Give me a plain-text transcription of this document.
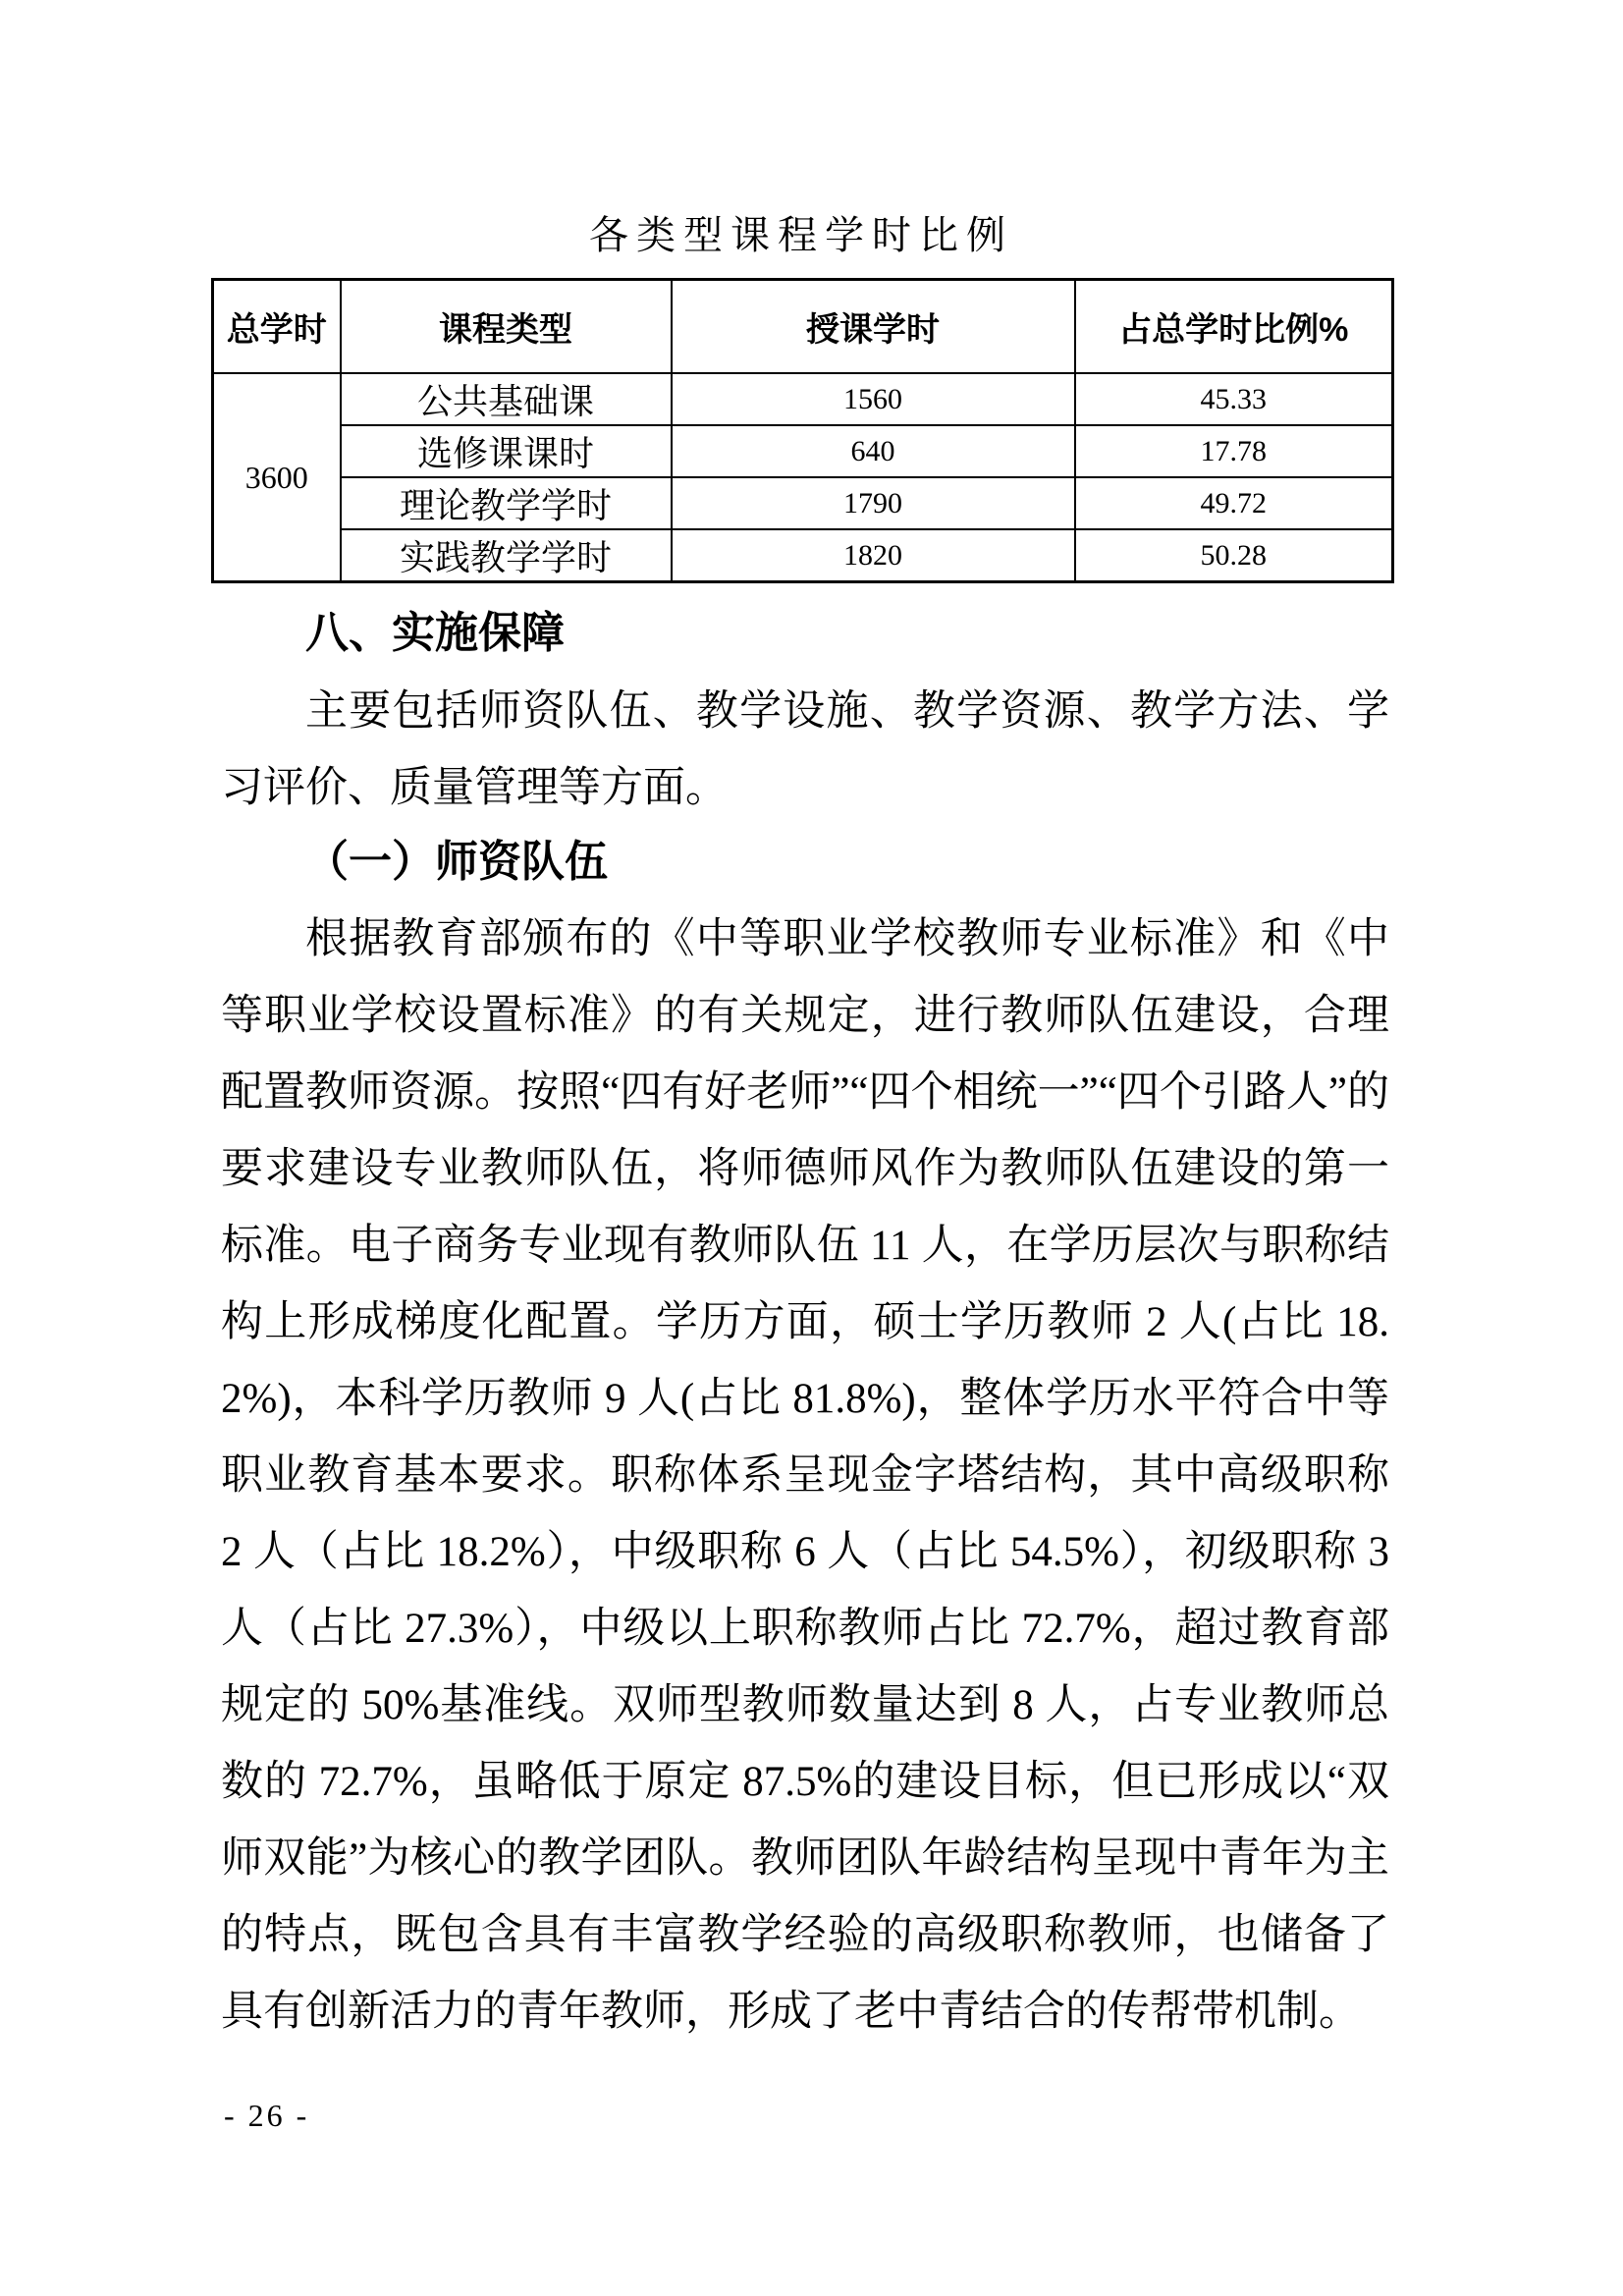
各类型课程学时比例
总学时	课程类型	授课学时	占总学时比例%
3600	公共基础课	1560	45.33
	选修课课时	640	17.78
	理论教学学时	1790	49.72
	实践教学学时	1820	50.28
八、实施保障

主要包括师资队伍、教学设施、教学资源、教学方法、学习评价、质量管理等方面。

（一）师资队伍

根据教育部颁布的《中等职业学校教师专业标准》和《中等职业学校设置标准》的有关规定，进行教师队伍建设，合理配置教师资源。按照“四有好老师”“四个相统一”“四个引路人”的要求建设专业教师队伍，将师德师风作为教师队伍建设的第一标准。电子商务专业现有教师队伍 11 人，在学历层次与职称结构上形成梯度化配置。学历方面，硕士学历教师 2 人(占比 18.2%)，本科学历教师 9 人(占比 81.8%)，整体学历水平符合中等职业教育基本要求。职称体系呈现金字塔结构，其中高级职称 2 人（占比 18.2%），中级职称 6 人（占比 54.5%），初级职称 3 人（占比 27.3%），中级以上职称教师占比 72.7%，超过教育部规定的 50%基准线。双师型教师数量达到 8 人，占专业教师总数的 72.7%，虽略低于原定 87.5%的建设目标，但已形成以“双师双能”为核心的教学团队。教师团队年龄结构呈现中青年为主的特点，既包含具有丰富教学经验的高级职称教师，也储备了具有创新活力的青年教师，形成了老中青结合的传帮带机制。

- 26 -
